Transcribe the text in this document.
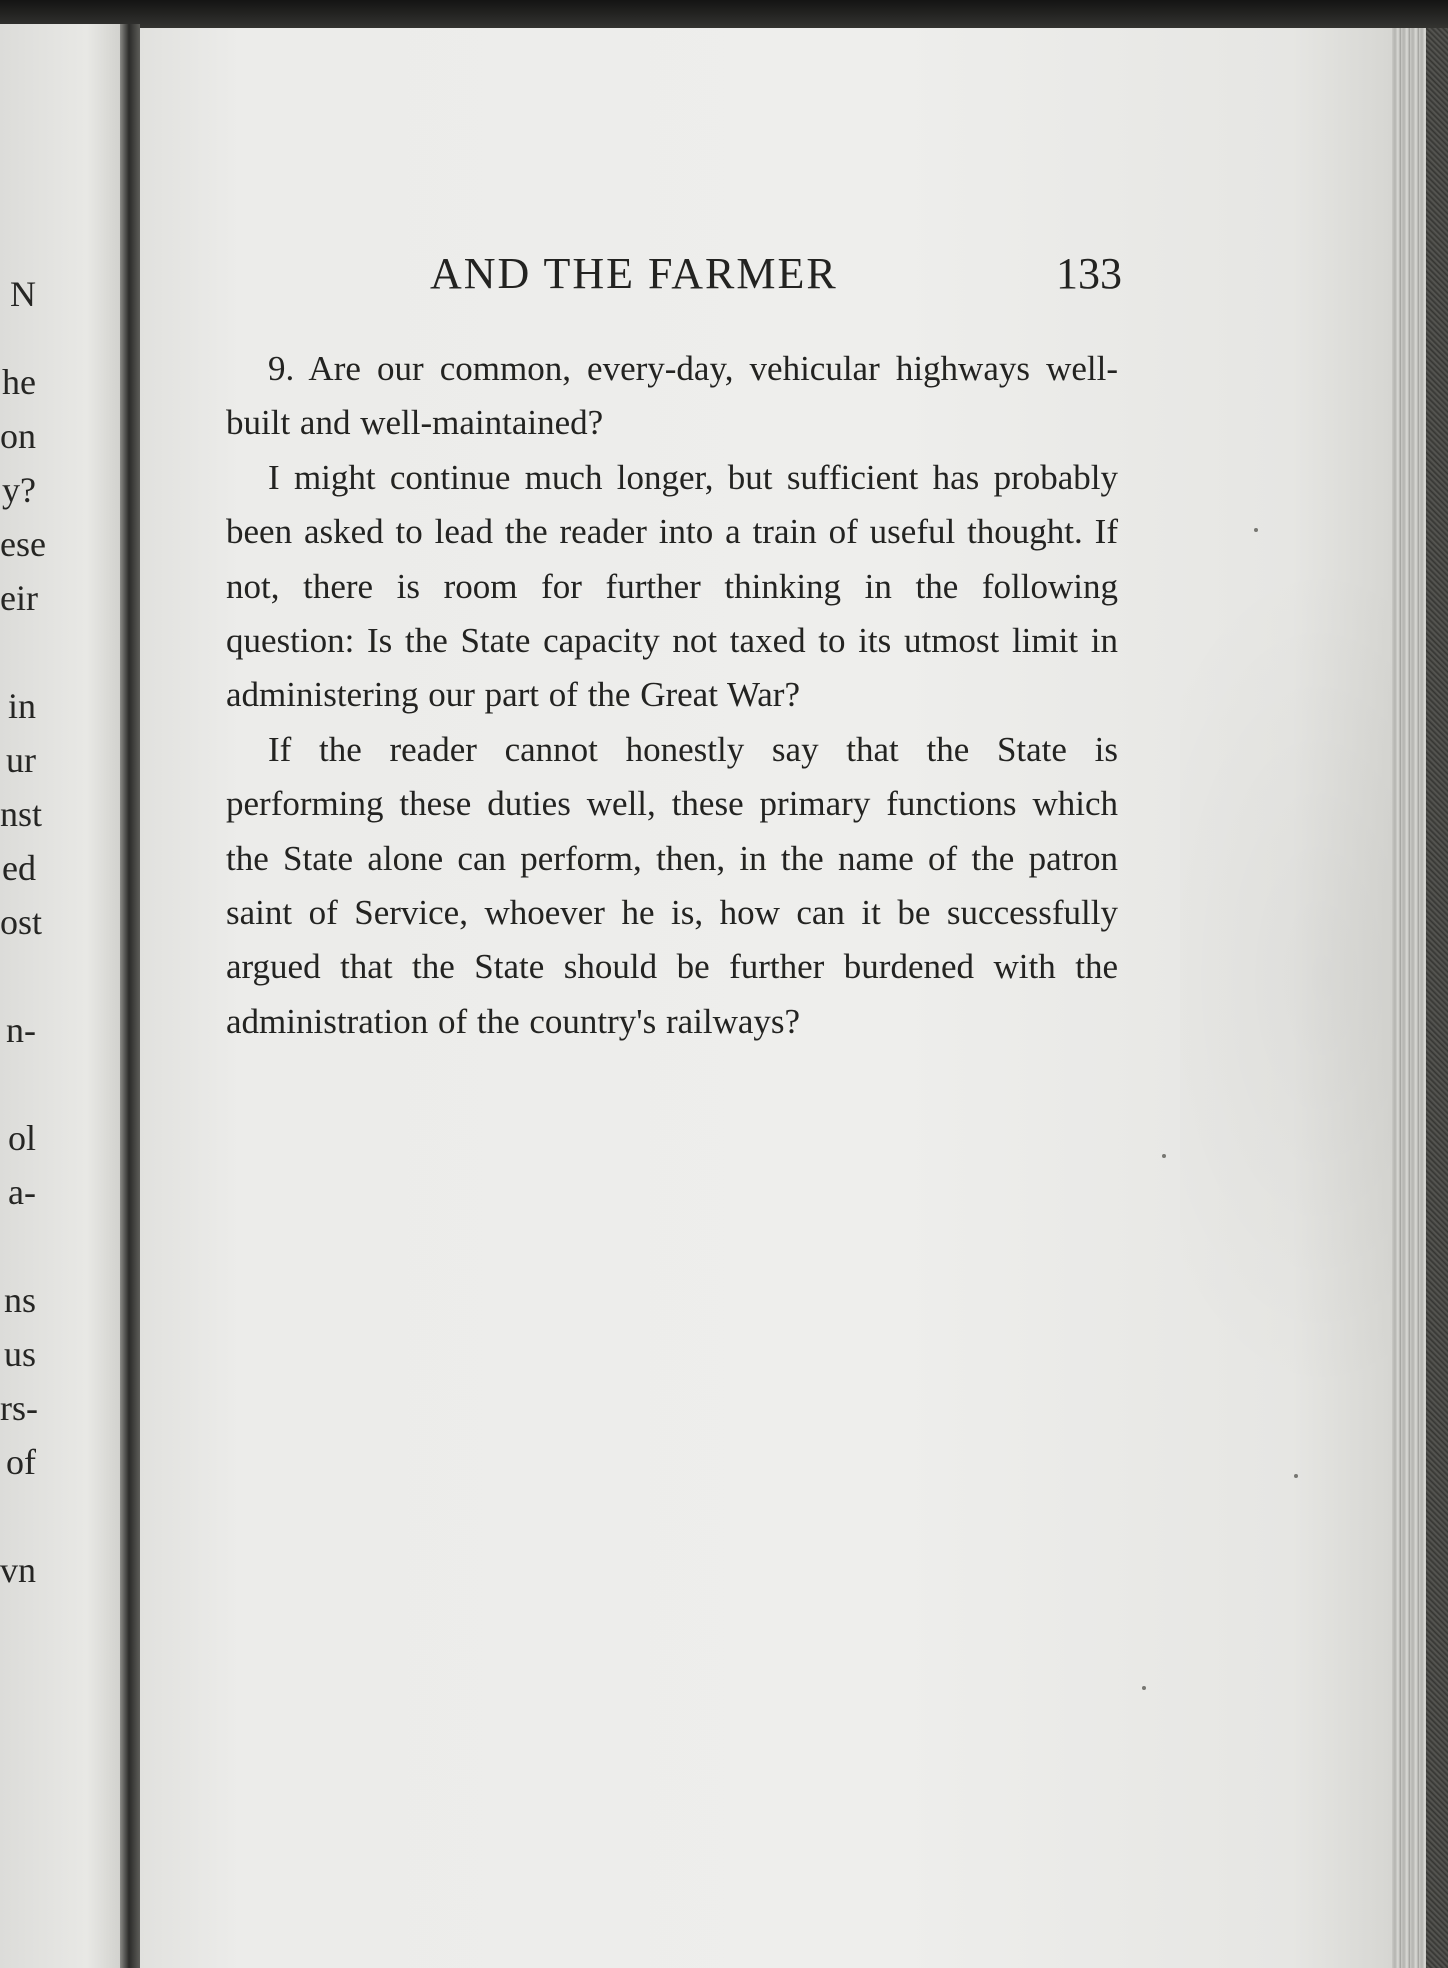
N
he
on
y?
ese
eir
in
ur
nst
ed
ost
n-
ol
a-
ns
us
rs-
of
vn
AND THE FARMER	133

9. Are our common, every-day, vehicular highways well-built and well-maintained?

I might continue much longer, but sufficient has probably been asked to lead the reader into a train of useful thought. If not, there is room for further thinking in the following question: Is the State capacity not taxed to its utmost limit in administering our part of the Great War?

If the reader cannot honestly say that the State is performing these duties well, these primary functions which the State alone can perform, then, in the name of the patron saint of Service, whoever he is, how can it be successfully argued that the State should be further burdened with the administration of the country's railways?
